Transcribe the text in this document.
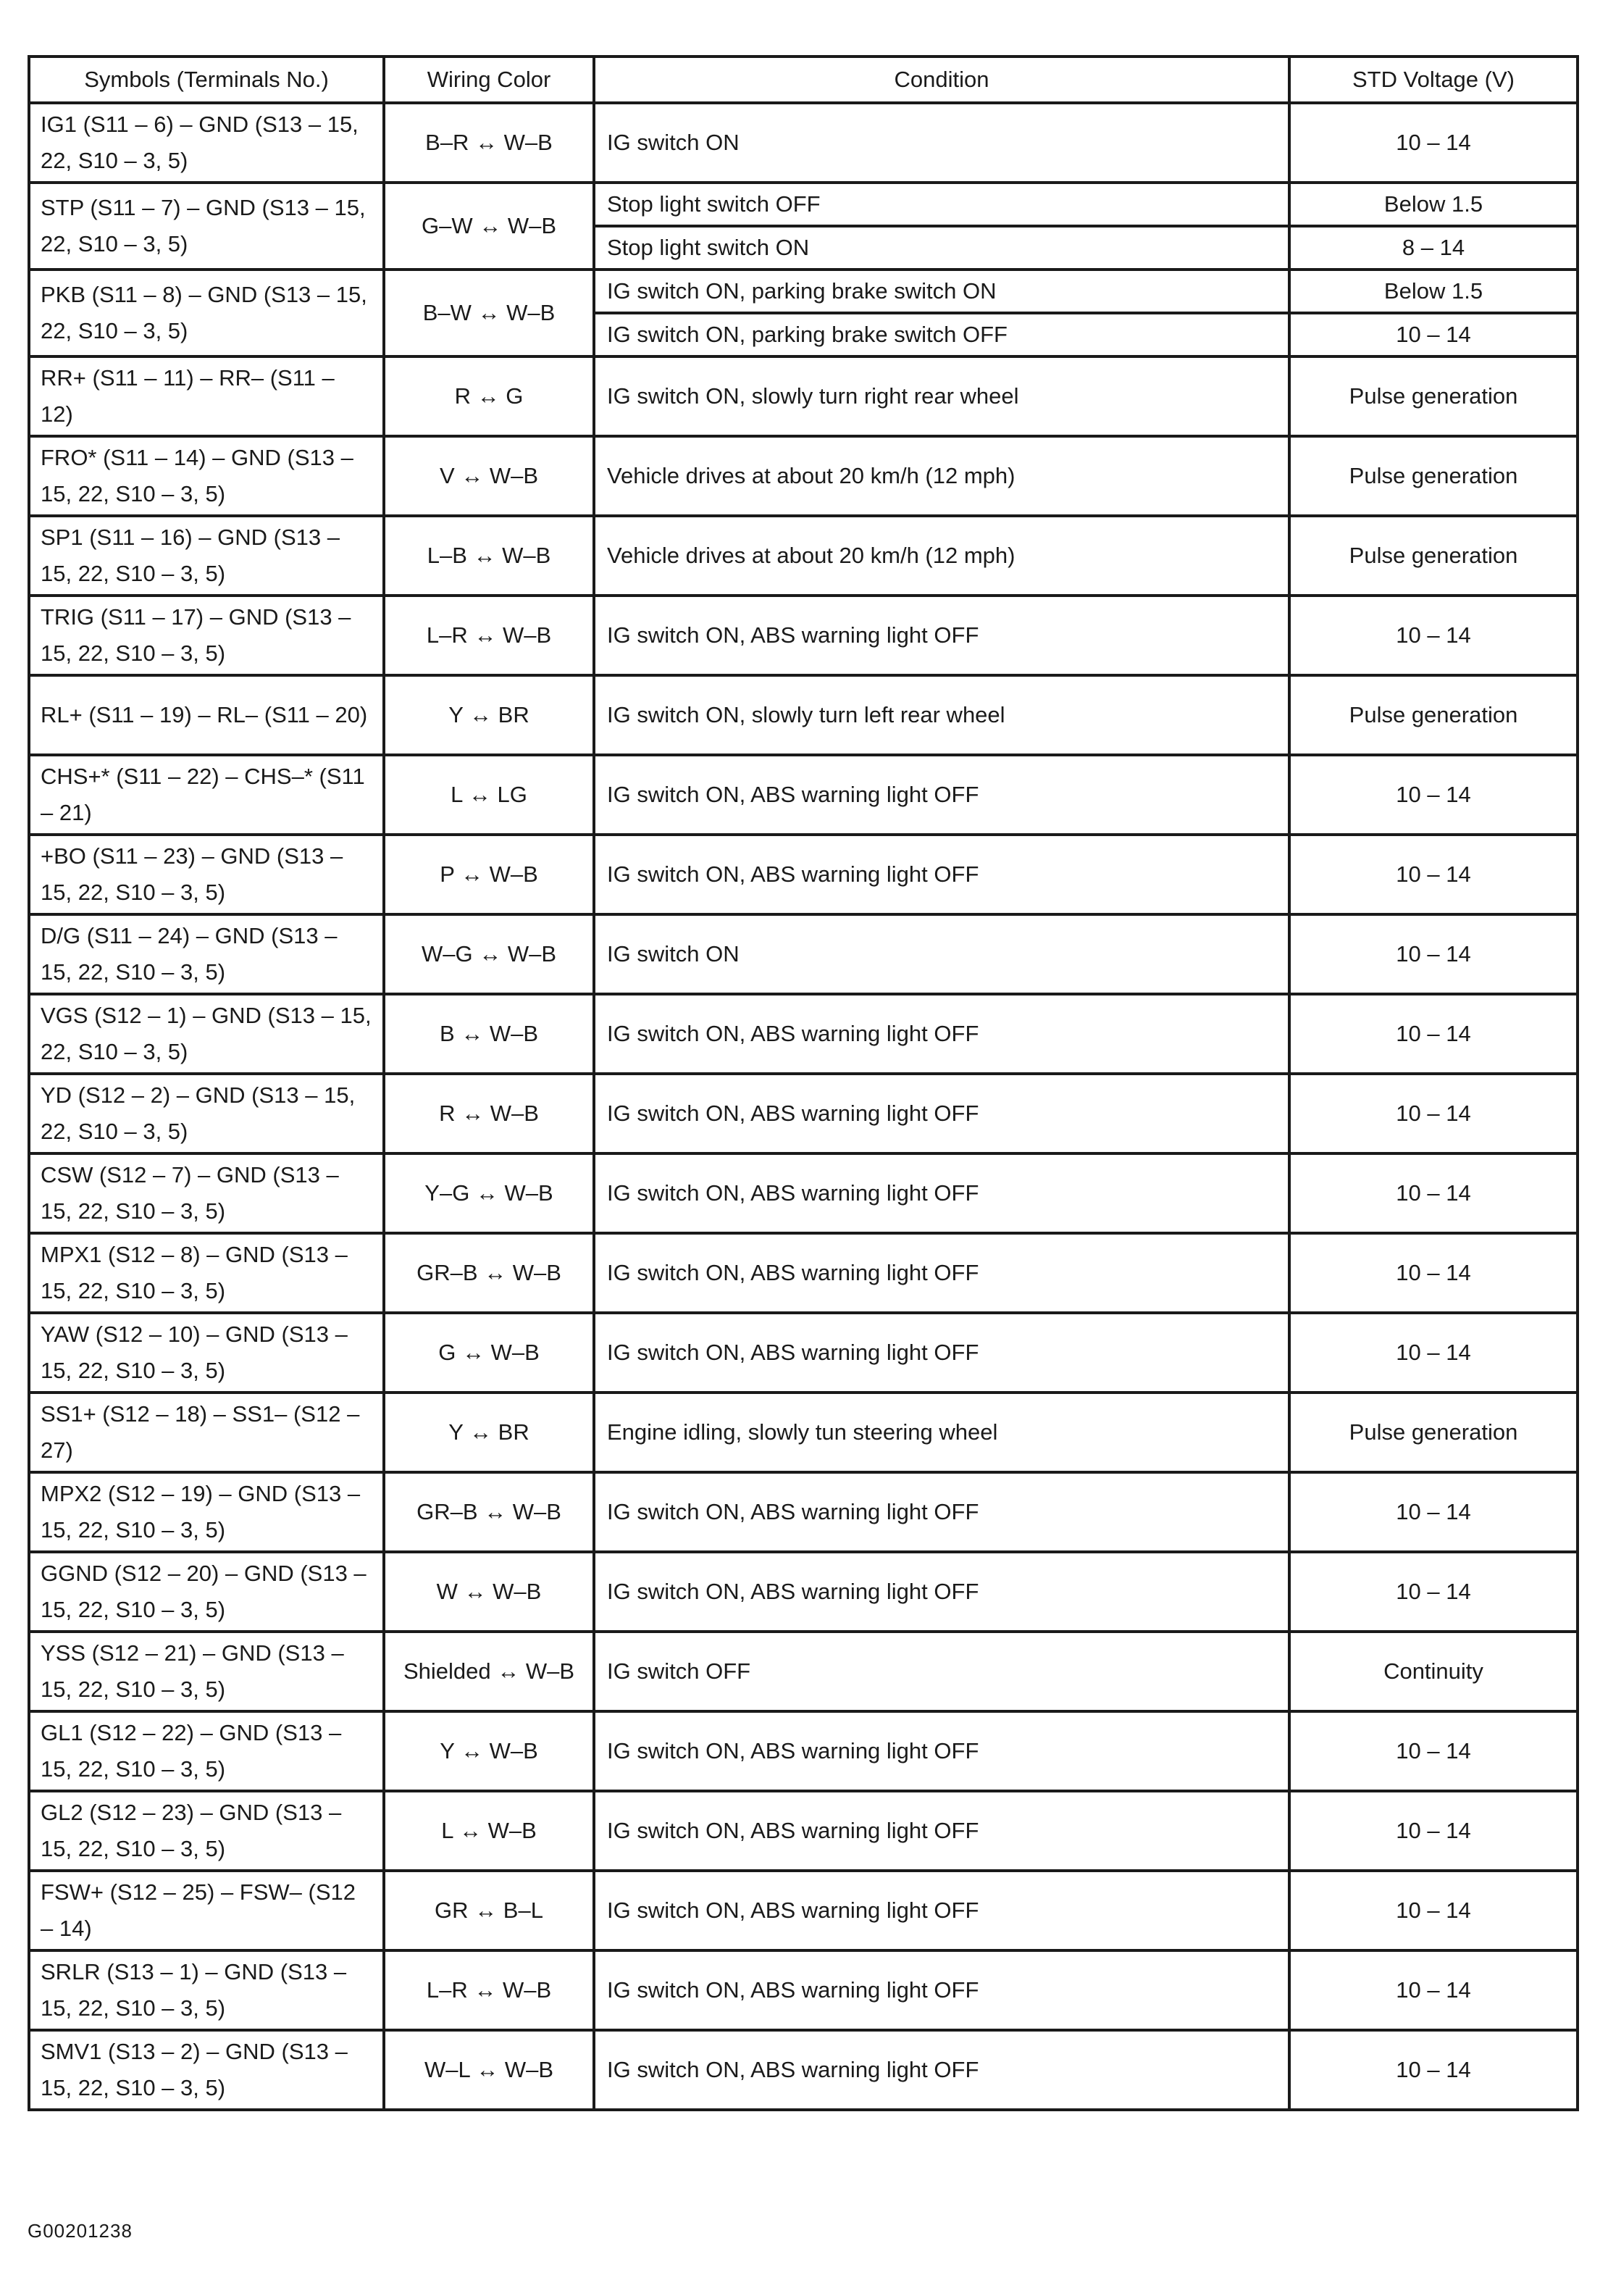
Symbols (Terminals No.)	Wiring Color	Condition	STD Voltage (V)
IG1 (S11 – 6) – GND (S13 – 15, 22, S10 – 3, 5)	B–R ↔ W–B	IG switch ON	10 – 14
STP (S11 – 7) – GND (S13 – 15, 22, S10 – 3, 5)	G–W ↔ W–B	Stop light switch OFF	Below 1.5
		Stop light switch ON	8 – 14
PKB (S11 – 8) – GND (S13 – 15, 22, S10 – 3, 5)	B–W ↔ W–B	IG switch ON, parking brake switch ON	Below 1.5
		IG switch ON, parking brake switch OFF	10 – 14
RR+ (S11 – 11) – RR– (S11 – 12)	R ↔ G	IG switch ON, slowly turn right rear wheel	Pulse generation
FRO* (S11 – 14) – GND (S13 – 15, 22, S10 – 3, 5)	V ↔ W–B	Vehicle drives at about 20 km/h (12 mph)	Pulse generation
SP1 (S11 – 16) – GND (S13 – 15, 22, S10 – 3, 5)	L–B ↔ W–B	Vehicle drives at about 20 km/h (12 mph)	Pulse generation
TRIG (S11 – 17) – GND (S13 – 15, 22, S10 – 3, 5)	L–R ↔ W–B	IG switch ON, ABS warning light OFF	10 – 14
RL+ (S11 – 19) – RL– (S11 – 20)	Y ↔ BR	IG switch ON, slowly turn left rear wheel	Pulse generation
CHS+* (S11 – 22) – CHS–* (S11 – 21)	L ↔ LG	IG switch ON, ABS warning light OFF	10 – 14
+BO (S11 – 23) – GND (S13 – 15, 22, S10 – 3, 5)	P ↔ W–B	IG switch ON, ABS warning light OFF	10 – 14
D/G (S11 – 24) – GND (S13 – 15, 22, S10 – 3, 5)	W–G ↔ W–B	IG switch ON	10 – 14
VGS (S12 – 1) – GND (S13 – 15, 22, S10 – 3, 5)	B ↔ W–B	IG switch ON, ABS warning light OFF	10 – 14
YD (S12 – 2) – GND (S13 – 15, 22, S10 – 3, 5)	R ↔ W–B	IG switch ON, ABS warning light OFF	10 – 14
CSW (S12 – 7) – GND (S13 – 15, 22, S10 – 3, 5)	Y–G ↔ W–B	IG switch ON, ABS warning light OFF	10 – 14
MPX1 (S12 – 8) – GND (S13 – 15, 22, S10 – 3, 5)	GR–B ↔ W–B	IG switch ON, ABS warning light OFF	10 – 14
YAW (S12 – 10) – GND (S13 – 15, 22, S10 – 3, 5)	G ↔ W–B	IG switch ON, ABS warning light OFF	10 – 14
SS1+ (S12 – 18) – SS1– (S12 – 27)	Y ↔ BR	Engine idling, slowly tun steering wheel	Pulse generation
MPX2 (S12 – 19) – GND (S13 –15, 22, S10 – 3, 5)	GR–B ↔ W–B	IG switch ON, ABS warning light OFF	10 – 14
GGND (S12 – 20) – GND (S13 – 15, 22, S10 – 3, 5)	W ↔ W–B	IG switch ON, ABS warning light OFF	10 – 14
YSS (S12 – 21) – GND (S13 – 15, 22, S10 – 3, 5)	Shielded ↔ W–B	IG switch OFF	Continuity
GL1 (S12 – 22) – GND (S13 – 15, 22, S10 – 3, 5)	Y ↔ W–B	IG switch ON, ABS warning light OFF	10 – 14
GL2 (S12 – 23) – GND (S13 – 15, 22, S10 – 3, 5)	L ↔ W–B	IG switch ON, ABS warning light OFF	10 – 14
FSW+ (S12 – 25) – FSW– (S12 – 14)	GR ↔ B–L	IG switch ON, ABS warning light OFF	10 – 14
SRLR (S13 – 1) – GND (S13 – 15, 22, S10 – 3, 5)	L–R ↔ W–B	IG switch ON, ABS warning light OFF	10 – 14
SMV1 (S13 – 2) – GND (S13 – 15, 22, S10 – 3, 5)	W–L ↔ W–B	IG switch ON, ABS warning light OFF	10 – 14
G00201238
